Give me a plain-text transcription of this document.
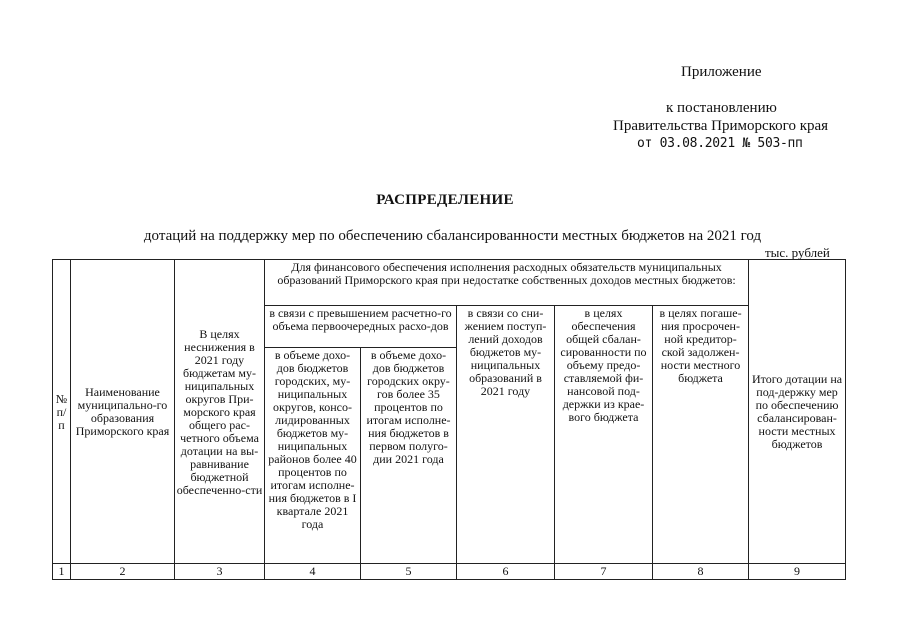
Приложение
к постановлению
Правительства Приморского края
от 03.08.2021 № 503-пп
РАСПРЕДЕЛЕНИЕ
дотаций на поддержку мер по обеспечению сбалансированности местных бюджетов на 2021 год
тыс. рублей
№ п/ п	Наименование муниципально-го образования Приморского края	В целях неснижения в 2021 году бюджетам му-ниципальных округов При-морского края общего рас-четного объема дотации на вы-равнивание бюджетной обеспеченно-сти	Для финансового обеспечения исполнения расходных обязательств муниципальных образований Приморского края при недостатке собственных доходов местных бюджетов:					Итого дотации на под-держку мер по обеспечению сбалансирован-ности местных бюджетов
			в связи с превышением расчетно-го объема первоочередных расхо-дов		в связи со сни-жением поступ-лений доходов бюджетов му-ниципальных образований в 2021 году	в целях обеспечения общей сбалан-сированности по объему предо-ставляемой фи-нансовой под-держки из крае-вого бюджета	в целях погаше-ния просрочен-ной кредитор-ской задолжен-ности местного бюджета	
			в объеме дохо-дов бюджетов городских, му-ниципальных округов, консо-лидированных бюджетов му-ниципальных районов более 40 процентов по итогам исполне-ния бюджетов в I квартале 2021 года	в объеме дохо-дов бюджетов городских окру-гов более 35 процентов по итогам исполне-ния бюджетов в первом полуго-дии 2021 года				
1	2	3	4	5	6	7	8	9
